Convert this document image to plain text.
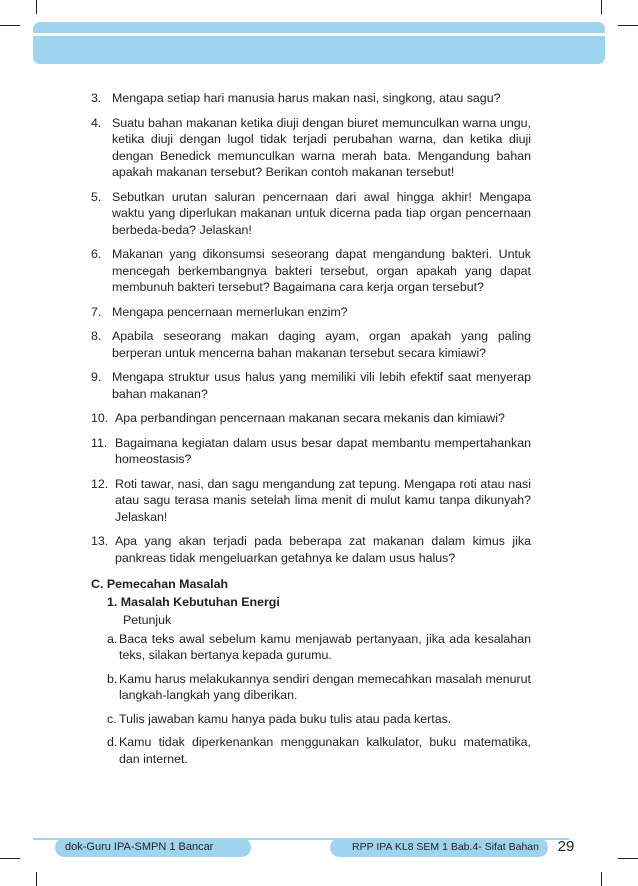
3. Mengapa setiap hari manusia harus makan nasi, singkong, atau sagu?
4. Suatu bahan makanan ketika diuji dengan biuret memunculkan warna ungu, ketika diuji dengan lugol tidak terjadi perubahan warna, dan ketika diuji dengan Benedick memunculkan warna merah bata. Mengandung bahan apakah makanan tersebut? Berikan contoh makanan tersebut!
5. Sebutkan urutan saluran pencernaan dari awal hingga akhir! Mengapa waktu yang diperlukan makanan untuk dicerna pada tiap organ pencernaan berbeda-beda? Jelaskan!
6. Makanan yang dikonsumsi seseorang dapat mengandung bakteri. Untuk mencegah berkembangnya bakteri tersebut, organ apakah yang dapat membunuh bakteri tersebut? Bagaimana cara kerja organ tersebut?
7. Mengapa pencernaan memerlukan enzim?
8. Apabila seseorang makan daging ayam, organ apakah yang paling berperan untuk mencerna bahan makanan tersebut secara kimiawi?
9. Mengapa struktur usus halus yang memiliki vili lebih efektif saat menyerap bahan makanan?
10. Apa perbandingan pencernaan makanan secara mekanis dan kimiawi?
11. Bagaimana kegiatan dalam usus besar dapat membantu mempertahankan homeostasis?
12. Roti tawar, nasi, dan sagu mengandung zat tepung. Mengapa roti atau nasi atau sagu terasa manis setelah lima menit di mulut kamu tanpa dikunyah? Jelaskan!
13. Apa yang akan terjadi pada beberapa zat makanan dalam kimus jika pankreas tidak mengeluarkan getahnya ke dalam usus halus?
C. Pemecahan Masalah
1. Masalah Kebutuhan Energi
Petunjuk
a. Baca teks awal sebelum kamu menjawab pertanyaan, jika ada kesalahan teks, silakan bertanya kepada gurumu.
b. Kamu harus melakukannya sendiri dengan memecahkan masalah menurut langkah-langkah yang diberikan.
c. Tulis jawaban kamu hanya pada buku tulis atau pada kertas.
d. Kamu tidak diperkenankan menggunakan kalkulator, buku matematika, dan internet.
dok-Guru IPA-SMPN 1 Bancar	RPP IPA KL8 SEM 1 Bab.4- Sifat Bahan	29
